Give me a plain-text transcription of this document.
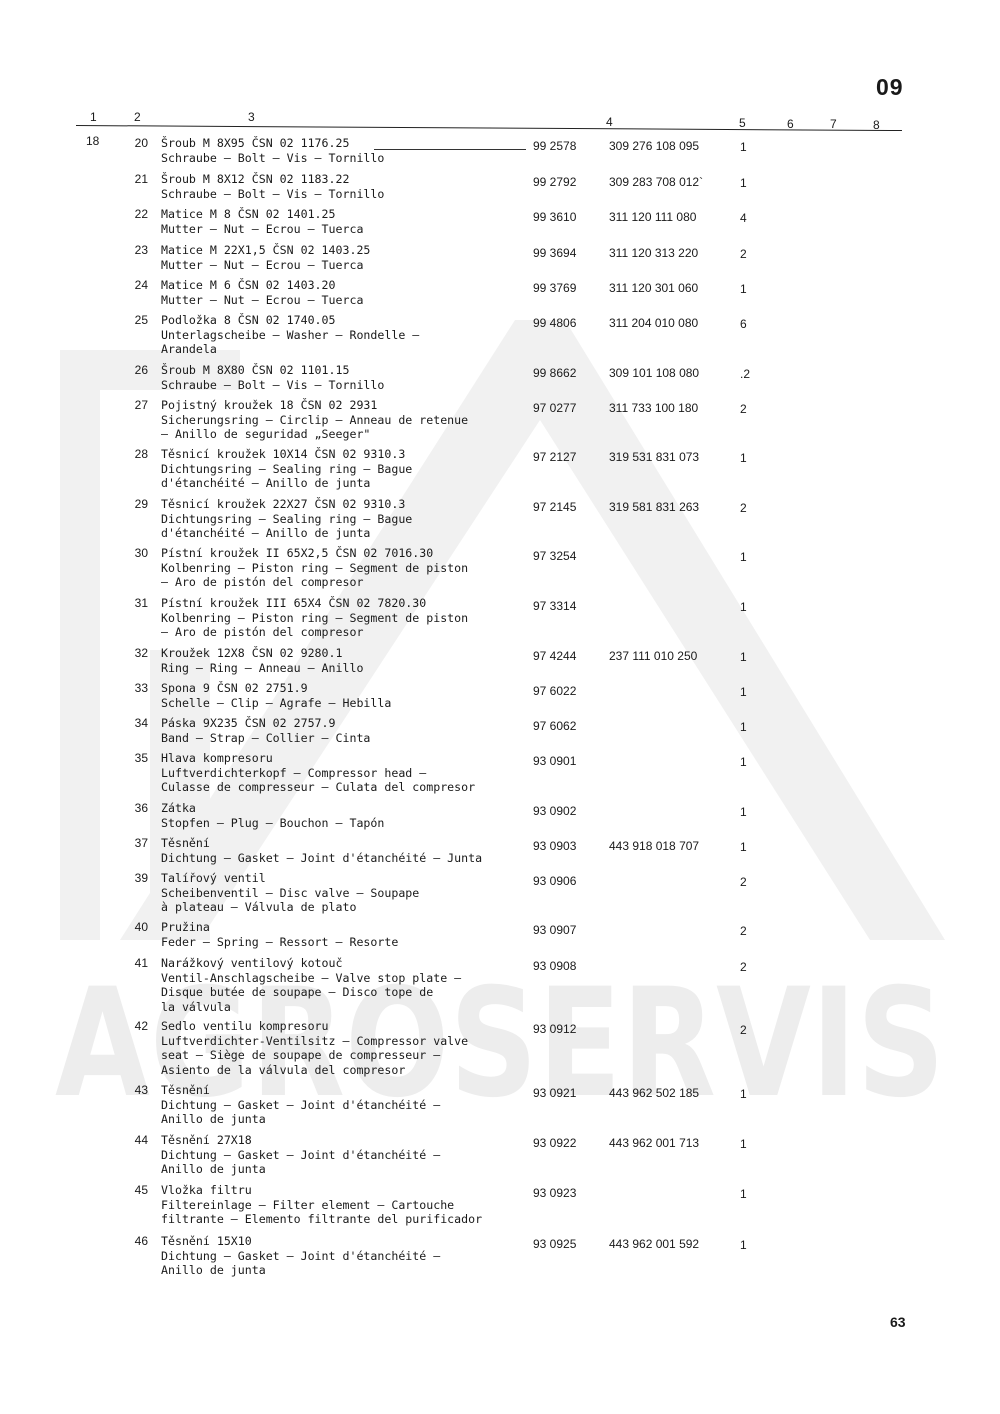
AGROSERVIS
09
1	2	3	4	5	6	7	8
18	20 Šroub M 8X95 ČSN 02 1176.25
Schraube — Bolt — Vis — Tornillo
99 2578	309 276 108 095	1
21 Šroub M 8X12 ČSN 02 1183.22
Schraube — Bolt — Vis — Tornillo
99 2792	309 283 708 012`	1
22 Matice M 8 ČSN 02 1401.25
Mutter — Nut — Ecrou — Tuerca
99 3610	311 120 111 080	4
23 Matice M 22X1,5 ČSN 02 1403.25
Mutter — Nut — Ecrou — Tuerca
99 3694	311 120 313 220	2
24 Matice M 6 ČSN 02 1403.20
Mutter — Nut — Ecrou — Tuerca
99 3769	311 120 301 060	1
25 Podložka 8 ČSN 02 1740.05
Unterlagscheibe — Washer — Rondelle —
Arandela
99 4806	311 204 010 080	6
26 Šroub M 8X80 ČSN 02 1101.15
Schraube — Bolt — Vis — Tornillo
99 8662	309 101 108 080	.2
27 Pojistný kroužek 18 ČSN 02 2931
Sicherungsring — Circlip — Anneau de retenue
— Anillo de seguridad „Seeger"
97 0277	311 733 100 180	2
28 Těsnicí kroužek 10X14 ČSN 02 9310.3
Dichtungsring — Sealing ring — Bague
d'étanchéité — Anillo de junta
97 2127	319 531 831 073	1
29 Těsnicí kroužek 22X27 ČSN 02 9310.3
Dichtungsring — Sealing ring — Bague
d'étanchéité — Anillo de junta
97 2145	319 581 831 263	2
30 Pístní kroužek II 65X2,5 ČSN 02 7016.30
Kolbenring — Piston ring — Segment de piston
— Aro de pistón del compresor
97 3254	1
31 Pístní kroužek III 65X4 ČSN 02 7820.30
Kolbenring — Piston ring — Segment de piston
— Aro de pistón del compresor
97 3314	1
32 Kroužek 12X8 ČSN 02 9280.1
Ring — Ring — Anneau — Anillo
97 4244	237 111 010 250	1
33 Spona 9 ČSN 02 2751.9
Schelle — Clip — Agrafe — Hebilla
97 6022	1
34 Páska 9X235 ČSN 02 2757.9
Band — Strap — Collier — Cinta
97 6062	1
35 Hlava kompresoru
Luftverdichterkopf — Compressor head —
Culasse de compresseur — Culata del compresor
93 0901	1
36 Zátka
Stopfen — Plug — Bouchon — Tapón
93 0902	1
37 Těsnění
Dichtung — Gasket — Joint d'étanchéité — Junta
93 0903	443 918 018 707	1
39 Talířový ventil
Scheibenventil — Disc valve — Soupape
à plateau — Válvula de plato
93 0906	2
40 Pružina
Feder — Spring — Ressort — Resorte
93 0907	2
41 Narážkový ventilový kotouč
Ventil-Anschlagscheibe — Valve stop plate —
Disque butée de soupape — Disco tope de
la válvula
93 0908	2
42 Sedlo ventilu kompresoru
Luftverdichter-Ventilsitz — Compressor valve
seat — Siège de soupape de compresseur —
Asiento de la válvula del compresor
93 0912	2
43 Těsnění
Dichtung — Gasket — Joint d'étanchéité —
Anillo de junta
93 0921	443 962 502 185	1
44 Těsnění 27X18
Dichtung — Gasket — Joint d'étanchéité —
Anillo de junta
93 0922	443 962 001 713	1
45 Vložka filtru
Filtereinlage — Filter element — Cartouche
filtrante — Elemento filtrante del purificador
93 0923	1
46 Těsnění 15X10
Dichtung — Gasket — Joint d'étanchéité —
Anillo de junta
93 0925	443 962 001 592	1
63
